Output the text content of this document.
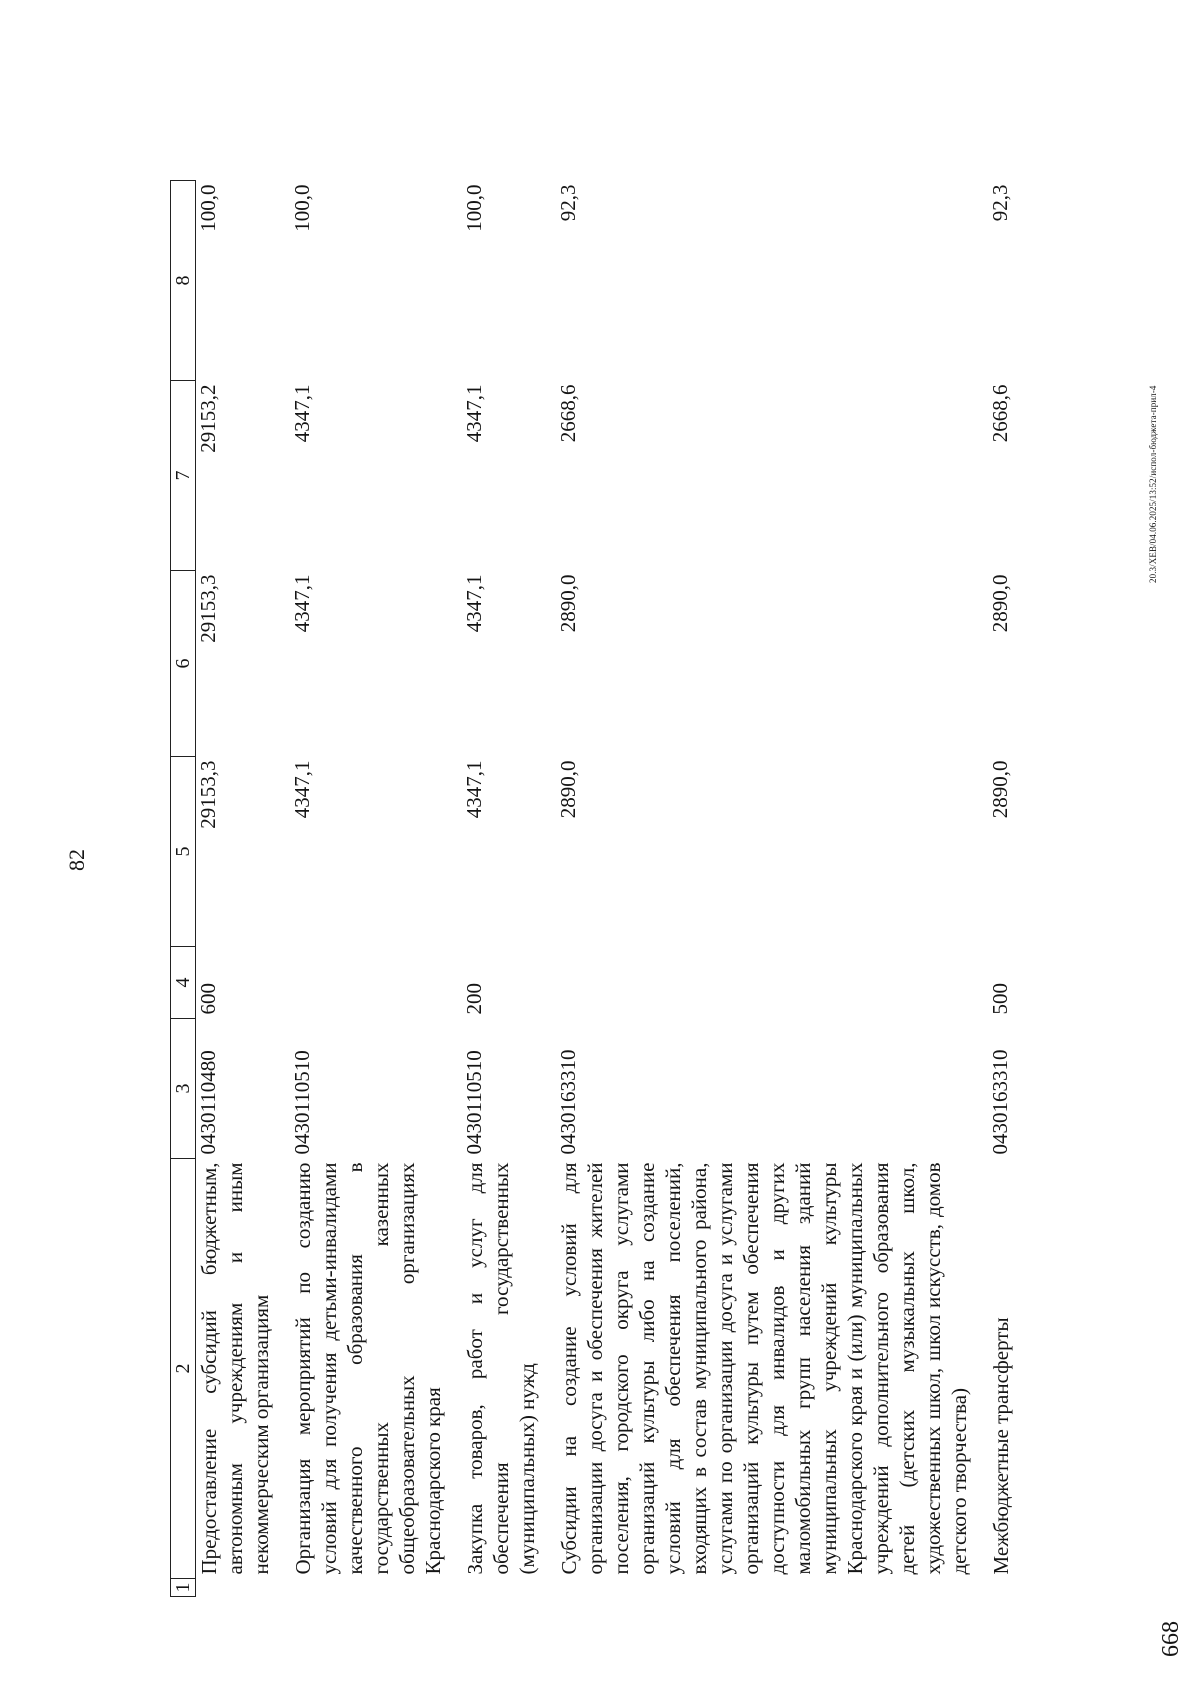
82
1	2	3	4	5	6	7	8
	Предоставление субсидий бюджетным, автономным учреждениям и иным некоммерческим организациям	0430110480	600	29153,3	29153,3	29153,2	100,0
	Организация мероприятий по созданию условий для получения детьми-инвалидами качественного образования в государственных казенных общеобразовательных организациях Краснодарского края	0430110510		4347,1	4347,1	4347,1	100,0
	Закупка товаров, работ и услуг для обеспечения государственных (муниципальных) нужд	0430110510	200	4347,1	4347,1	4347,1	100,0
	Субсидии на создание условий для организации досуга и обеспечения жителей поселения, городского округа услугами организаций культуры либо на создание условий для обеспечения поселений, входящих в состав муниципального района, услугами по организации досуга и услугами организаций культуры путем обеспечения доступности для инвалидов и других маломобильных групп населения зданий муниципальных учреждений культуры Краснодарского края и (или) муниципальных учреждений дополнительного образования детей (детских музыкальных школ, художественных школ, школ искусств, домов детского творчества)	0430163310		2890,0	2890,0	2668,6	92,3
	Межбюджетные трансферты	0430163310	500	2890,0	2890,0	2668,6	92,3
20.3/ХЕВ/04.06.2025/13:52/испол-бюджета-прил-4
668
